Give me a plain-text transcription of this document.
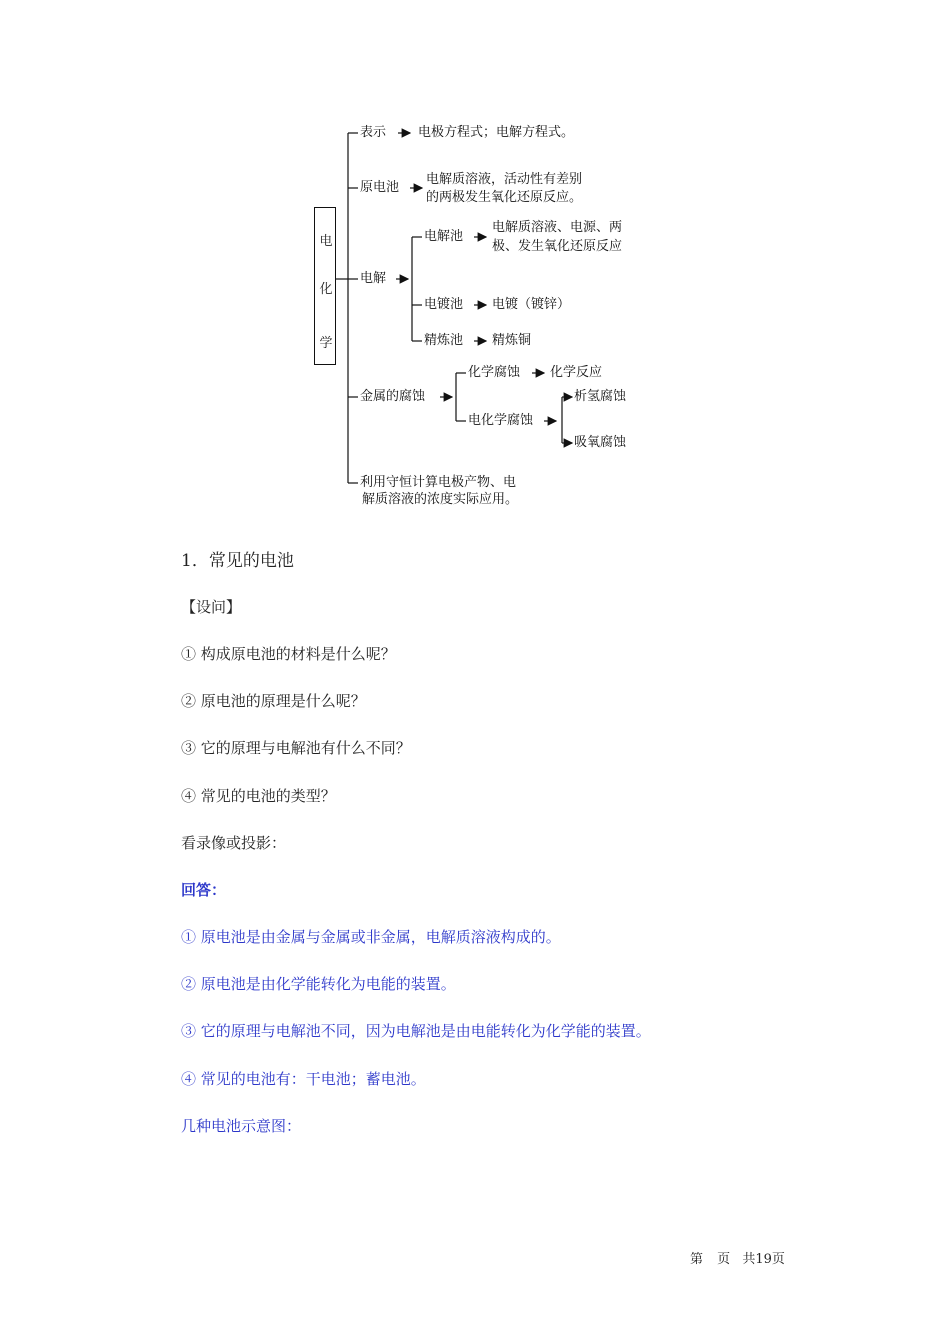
电
化
学
表示 电极方程式；电解方程式。
原电池
电解质溶液，活动性有差别
的两极发生氧化还原反应。
电解
电解池
电解质溶液、电源、两
极、发生氧化还原反应
电镀池 电镀（镀锌）
精炼池 精炼铜
金属的腐蚀
化学腐蚀 化学反应
电化学腐蚀
析氢腐蚀
吸氧腐蚀
利用守恒计算电极产物、电
解质溶液的浓度实际应用。
1．常见的电池
【设问】
① 构成原电池的材料是什么呢？
② 原电池的原理是什么呢？
③ 它的原理与电解池有什么不同？
④ 常见的电池的类型？
看录像或投影：
回答：
① 原电池是由金属与金属或非金属，电解质溶液构成的。
② 原电池是由化学能转化为电能的装置。
③ 它的原理与电解池不同，因为电解池是由电能转化为化学能的装置。
④ 常见的电池有：干电池；蓄电池。
几种电池示意图：
第 页 共19页
